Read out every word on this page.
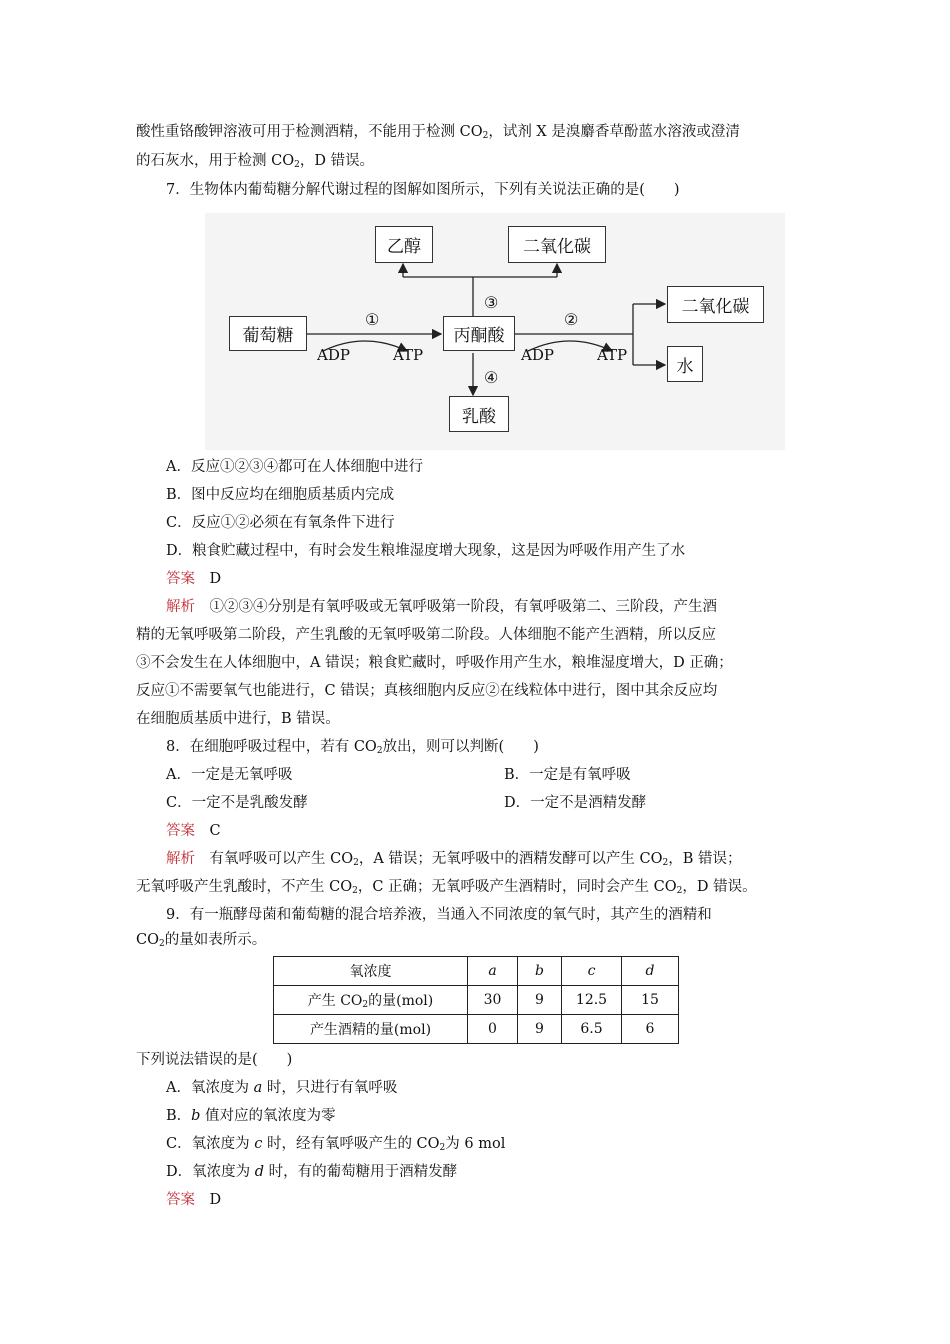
酸性重铬酸钾溶液可用于检测酒精，不能用于检测 $CO_2$，试剂 X 是溴麝香草酚蓝水溶液或澄清
的石灰水，用于检测 $CO_2$，D 错误。
7．生物体内葡萄糖分解代谢过程的图解如图所示，下列有关说法正确的是(　　)
葡萄糖	丙酮酸
乙醇	二氧化碳
二氧化碳
水
乳酸
①	②
③
④
ADP	ATP	ADP	ATP
A．反应①②③④都可在人体细胞中进行
B．图中反应均在细胞质基质内完成
C．反应①②必须在有氧条件下进行
D．粮食贮藏过程中，有时会发生粮堆湿度增大现象，这是因为呼吸作用产生了水
答案　 D
解析　 ①②③④分别是有氧呼吸或无氧呼吸第一阶段，有氧呼吸第二、三阶段，产生酒
精的无氧呼吸第二阶段，产生乳酸的无氧呼吸第二阶段。人体细胞不能产生酒精，所以反应
③不会发生在人体细胞中，A 错误；粮食贮藏时，呼吸作用产生水，粮堆湿度增大，D 正确；
反应①不需要氧气也能进行，C 错误；真核细胞内反应②在线粒体中进行，图中其余反应均
在细胞质基质中进行，B 错误。
8．在细胞呼吸过程中，若有 $CO_2$放出，则可以判断(　　)
A．一定是无氧呼吸	B．一定是有氧呼吸
C．一定不是乳酸发酵	D．一定不是酒精发酵
答案　 C
解析　 有氧呼吸可以产生 $CO_2$，A 错误；无氧呼吸中的酒精发酵可以产生 $CO_2$，B 错误；
无氧呼吸产生乳酸时，不产生 $CO_2$，C 正确；无氧呼吸产生酒精时，同时会产生 $CO_2$，D 错误。
9．有一瓶酵母菌和葡萄糖的混合培养液，当通入不同浓度的氧气时，其产生的酒精和
$CO_2$的量如表所示。
氧浓度	a	b	c	d
产生 $CO_2$的量(mol)	30	9	12.5	15
产生酒精的量(mol)	0	9	6.5	6
下列说法错误的是(　　)
A．氧浓度为 a 时，只进行有氧呼吸
B．b 值对应的氧浓度为零
C．氧浓度为 c 时，经有氧呼吸产生的 $CO_2$为 6 mol
D．氧浓度为 d 时，有的葡萄糖用于酒精发酵
答案　 D
